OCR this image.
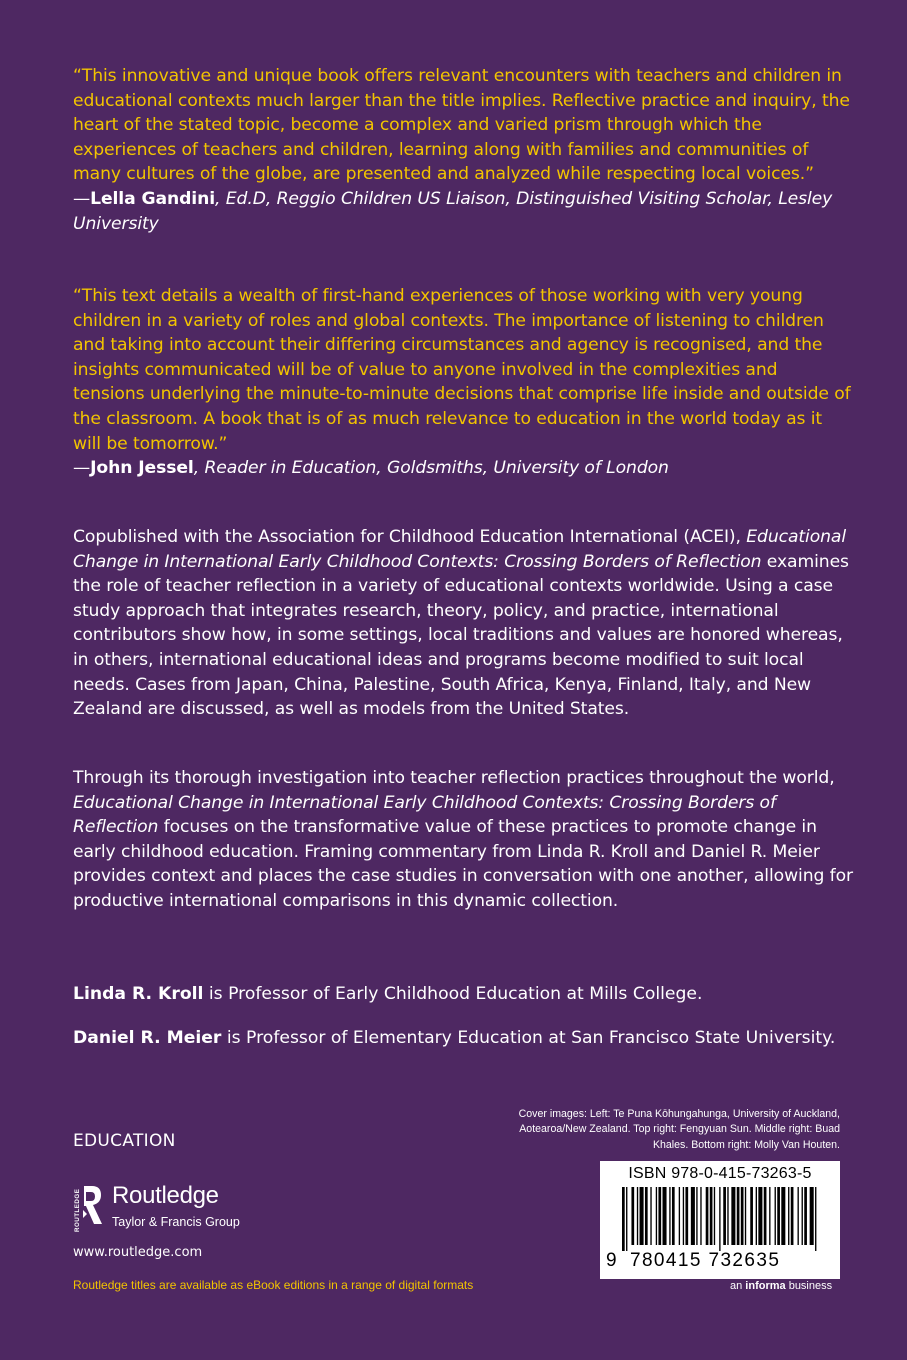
“This innovative and unique book offers relevant encounters with teachers and children in educational contexts much larger than the title implies. Reflective practice and inquiry, the heart of the stated topic, become a complex and varied prism through which the experiences of teachers and children, learning along with families and communities of many cultures of the globe, are presented and analyzed while respecting local voices.”
—Lella Gandini, Ed.D, Reggio Children US Liaison, Distinguished Visiting Scholar, Lesley University
“This text details a wealth of first-hand experiences of those working with very young children in a variety of roles and global contexts. The importance of listening to children and taking into account their differing circumstances and agency is recognised, and the insights communicated will be of value to anyone involved in the complexities and tensions underlying the minute-to-minute decisions that comprise life inside and outside of the classroom. A book that is of as much relevance to education in the world today as it will be tomorrow.”
—John Jessel, Reader in Education, Goldsmiths, University of London
Copublished with the Association for Childhood Education International (ACEI), Educational Change in International Early Childhood Contexts: Crossing Borders of Reflection examines the role of teacher reflection in a variety of educational contexts worldwide. Using a case study approach that integrates research, theory, policy, and practice, international contributors show how, in some settings, local traditions and values are honored whereas, in others, international educational ideas and programs become modified to suit local needs. Cases from Japan, China, Palestine, South Africa, Kenya, Finland, Italy, and New Zealand are discussed, as well as models from the United States.
Through its thorough investigation into teacher reflection practices throughout the world, Educational Change in International Early Childhood Contexts: Crossing Borders of Reflection focuses on the transformative value of these practices to promote change in early childhood education. Framing commentary from Linda R. Kroll and Daniel R. Meier provides context and places the case studies in conversation with one another, allowing for productive international comparisons in this dynamic collection.
Linda R. Kroll is Professor of Early Childhood Education at Mills College.
Daniel R. Meier is Professor of Elementary Education at San Francisco State University.
Cover images: Left: Te Puna Kōhungahunga, University of Auckland, Aotearoa/New Zealand. Top right: Fengyuan Sun. Middle right: Buad Khales. Bottom right: Molly Van Houten.
EDUCATION
ROUTLEDGE Routledge
Taylor & Francis Group
www.routledge.com
Routledge titles are available as eBook editions in a range of digital formats
ISBN 978-0-415-73263-5
9 780415 732635
an informa business
